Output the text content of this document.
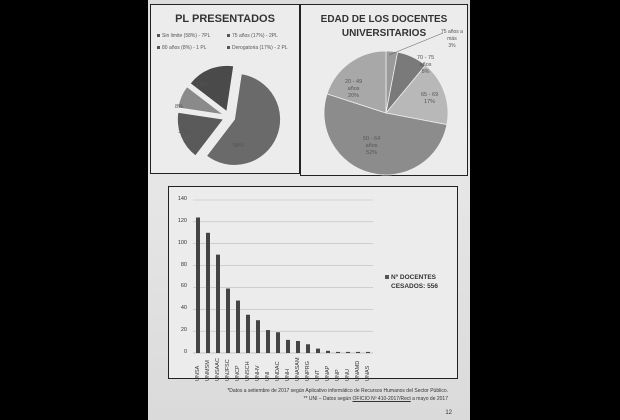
PL PRESENTADOS
Sin limite (58%) - 7PL	75 años (17%) - 2PL
80 años (8%) - 1 PL	Derogatoria (17%) - 2 PL
58%
17%
8%
17%
EDAD DE LOS DOCENTES
UNIVERSITARIOS	75 años a
más
3%
70 - 75
años
8%
65 - 69
17%
50 - 64
años
52%
20 - 49
años
20%
0
20
40
60
80
100
120
140
UNSA UNMSM UNSAAC UNJFSC UNCP UNSCH UNHV UNI UNDAC UNH UNASAM UNPRG UNT UNAP UNP UNU UNAMD UNAS
Nº DOCENTES
CESADOS: 556
*Datos a setiembre de 2017 según Aplicativo informático de Recursos Humanos del Sector Público.
** UNI – Datos según OFICIO Nº 410-2017/Rect a mayo de 2017
12
